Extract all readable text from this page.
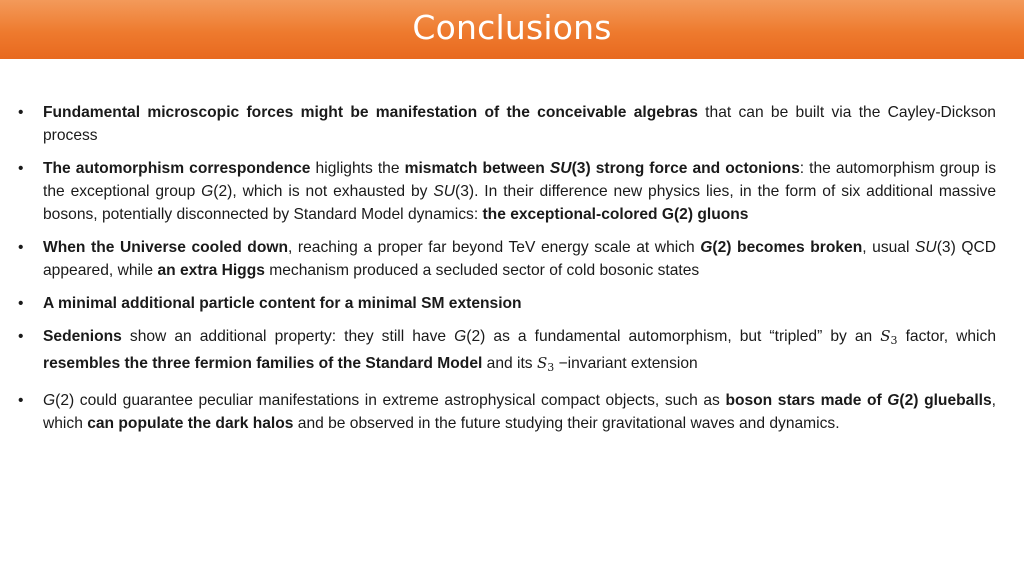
Conclusions
•	Fundamental microscopic forces might be manifestation of the conceivable algebras that can be built via the Cayley-Dickson process
•	The automorphism correspondence higlights the mismatch between SU(3) strong force and octonions: the automorphism group is the exceptional group G(2), which is not exhausted by SU(3). In their difference new physics lies, in the form of six additional massive bosons, potentially disconnected by Standard Model dynamics: the exceptional-colored G(2) gluons
•	When the Universe cooled down, reaching a proper far beyond TeV energy scale at which G(2) becomes broken, usual SU(3) QCD appeared, while an extra Higgs mechanism produced a secluded sector of cold bosonic states
•	A minimal additional particle content for a minimal SM extension
•	Sedenions show an additional property: they still have G(2) as a fundamental automorphism, but “tripled” by an $S_3$ factor, which resembles the three fermion families of the Standard Model and its $S_3$ −invariant extension
•	G(2) could guarantee peculiar manifestations in extreme astrophysical compact objects, such as boson stars made of G(2) glueballs, which can populate the dark halos and be observed in the future studying their gravitational waves and dynamics.
